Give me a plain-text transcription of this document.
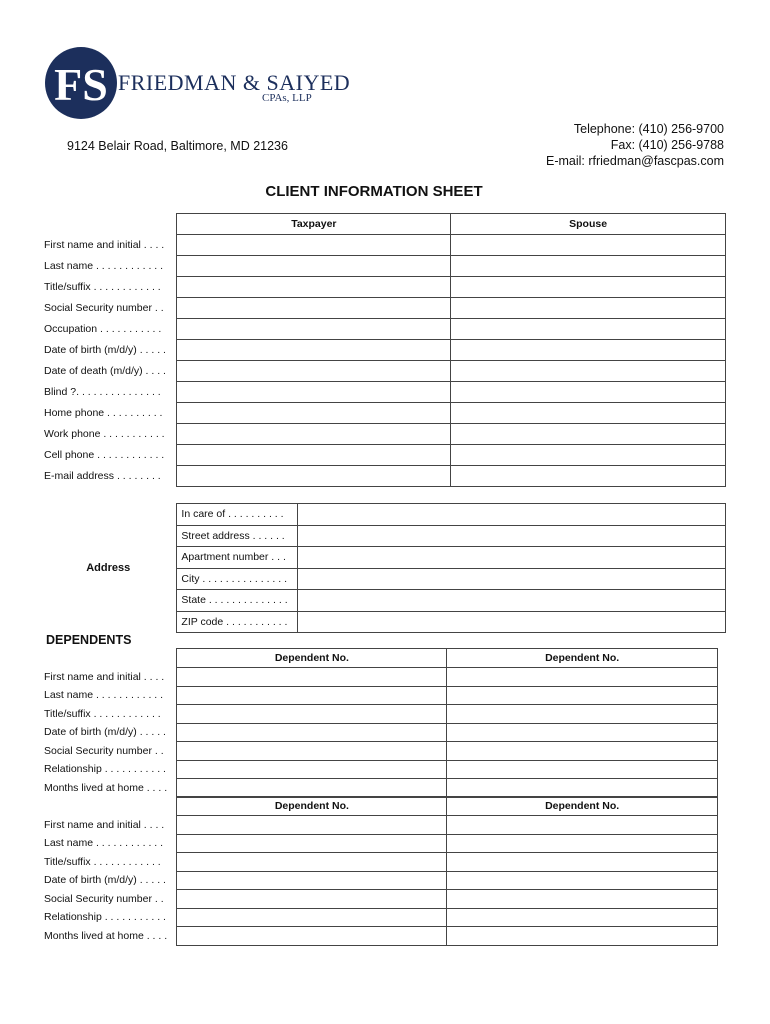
FS FRIEDMAN & SAIYED
CPAs, LLP
9124 Belair Road, Baltimore, MD 21236
Telephone: (410) 256-9700
Fax: (410) 256-9788
E-mail: rfriedman@fascpas.com
CLIENT INFORMATION SHEET
	Taxpayer	Spouse
First name and initial . . . .		
Last name . . . . . . . . . . . .		
Title/suffix . . . . . . . . . . . .		
Social Security number . .		
Occupation . . . . . . . . . . .		
Date of birth (m/d/y) . . . . .		
Date of death (m/d/y) . . . .		
Blind ?. . . . . . . . . . . . . . .		
Home phone . . . . . . . . . .		
Work phone . . . . . . . . . . .		
Cell phone . . . . . . . . . . . .		
E-mail address . . . . . . . .		
Address	In care of . . . . . . . . . .	
	Street address . . . . . .	
	Apartment number . . .	
	City . . . . . . . . . . . . . . .	
	State . . . . . . . . . . . . . .	
	ZIP code . . . . . . . . . . .	
DEPENDENTS
	Dependent No.	Dependent No.
First name and initial . . . .		
Last name . . . . . . . . . . . .		
Title/suffix . . . . . . . . . . . .		
Date of birth (m/d/y) . . . . .		
Social Security number . .		
Relationship . . . . . . . . . . .		
Months lived at home . . . .		
	Dependent No.	Dependent No.
First name and initial . . . .		
Last name . . . . . . . . . . . .		
Title/suffix . . . . . . . . . . . .		
Date of birth (m/d/y) . . . . .		
Social Security number . .		
Relationship . . . . . . . . . . .		
Months lived at home . . . .		
